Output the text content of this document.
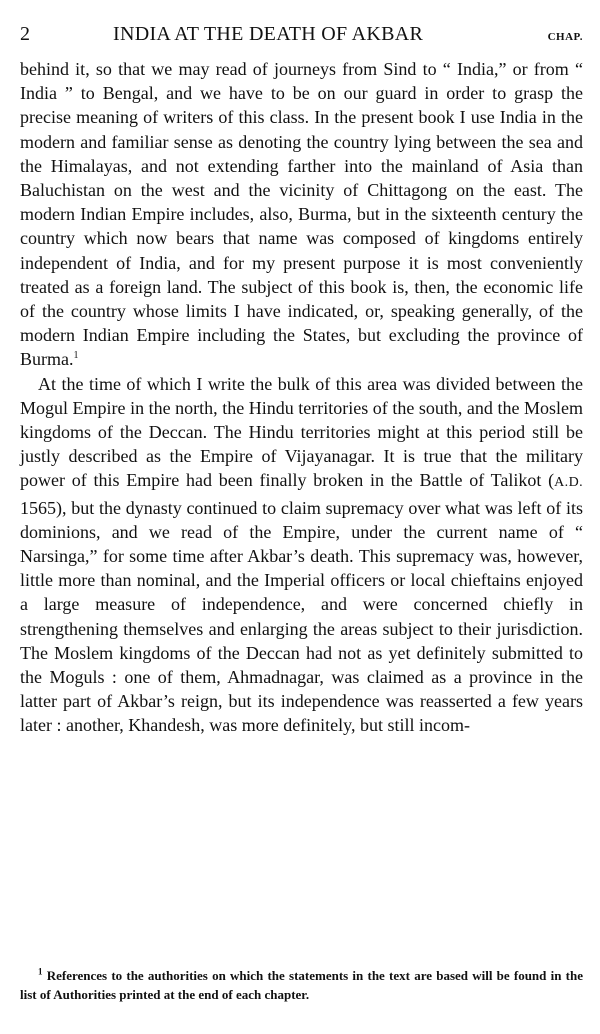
2	INDIA AT THE DEATH OF AKBAR	CHAP.

behind it, so that we may read of journeys from Sind to “ India,” or from “ India ” to Bengal, and we have to be on our guard in order to grasp the precise meaning of writers of this class. In the present book I use India in the modern and familiar sense as denoting the country lying between the sea and the Himalayas, and not extending farther into the mainland of Asia than Baluchistan on the west and the vicinity of Chittagong on the east. The modern Indian Empire includes, also, Burma, but in the sixteenth century the country which now bears that name was composed of kingdoms entirely independent of India, and for my present purpose it is most conveniently treated as a foreign land. The subject of this book is, then, the economic life of the country whose limits I have indicated, or, speaking generally, of the modern Indian Empire including the States, but excluding the province of Burma.$^1$

At the time of which I write the bulk of this area was divided between the Mogul Empire in the north, the Hindu territories of the south, and the Moslem kingdoms of the Deccan. The Hindu territories might at this period still be justly described as the Empire of Vijayanagar. It is true that the military power of this Empire had been finally broken in the Battle of Talikot (A.D. 1565), but the dynasty continued to claim supremacy over what was left of its dominions, and we read of the Empire, under the current name of “ Narsinga,” for some time after Akbar’s death. This supremacy was, however, little more than nominal, and the Imperial officers or local chieftains enjoyed a large measure of independence, and were concerned chiefly in strengthening themselves and enlarging the areas subject to their jurisdiction. The Moslem kingdoms of the Deccan had not as yet definitely submitted to the Moguls : one of them, Ahmadnagar, was claimed as a province in the latter part of Akbar’s reign, but its independence was reasserted a few years later : another, Khandesh, was more definitely, but still incom-

$^1$ References to the authorities on which the statements in the text are based will be found in the list of Authorities printed at the end of each chapter.
